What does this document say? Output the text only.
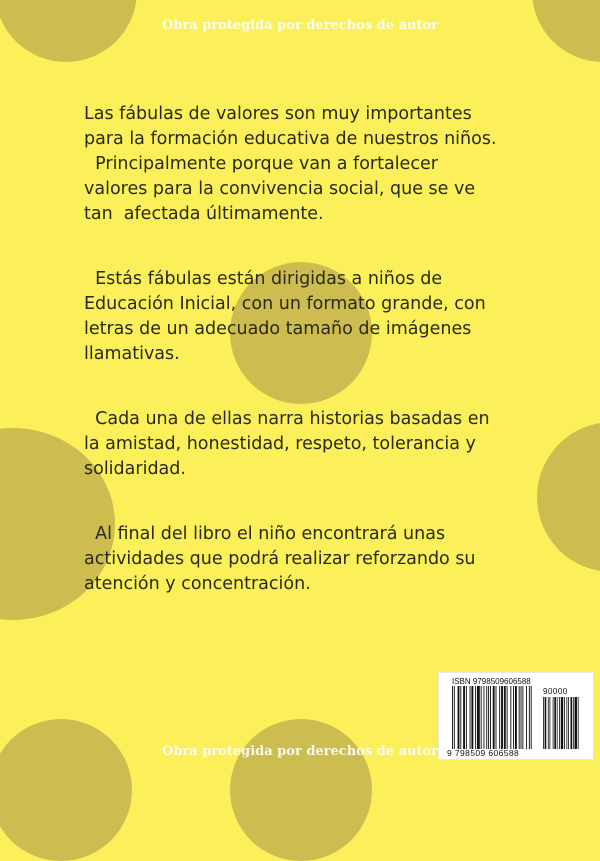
Obra protegida por derechos de autor

Las fábulas de valores son muy importantes
para la formación educativa de nuestros niños.
Principalmente porque van a fortalecer
valores para la convivencia social, que se ve
tan  afectada últimamente.

Estás fábulas están dirigidas a niños de
Educación Inicial, con un formato grande, con
letras de un adecuado tamaño de imágenes
llamativas.

Cada una de ellas narra historias basadas en
la amistad, honestidad, respeto, tolerancia y
solidaridad.

Al final del libro el niño encontrará unas
actividades que podrá realizar reforzando su
atención y concentración.

ISBN 9798509606588
90000
9 798509 606588
Obra protegida por derechos de autor
